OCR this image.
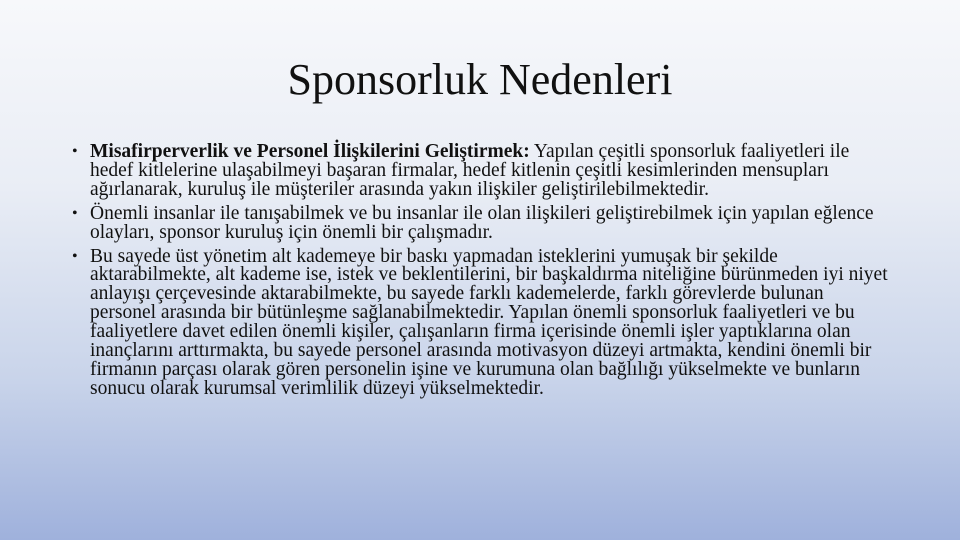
Sponsorluk Nedenleri
• Misafirperverlik ve Personel İlişkilerini Geliştirmek: Yapılan çeşitli sponsorluk faaliyetleri ile hedef kitlelerine ulaşabilmeyi başaran firmalar, hedef kitlenin çeşitli kesimlerinden mensupları ağırlanarak, kuruluş ile müşteriler arasında yakın ilişkiler geliştirilebilmektedir.
• Önemli insanlar ile tanışabilmek ve bu insanlar ile olan ilişkileri geliştirebilmek için yapılan eğlence olayları, sponsor kuruluş için önemli bir çalışmadır.
• Bu sayede üst yönetim alt kademeye bir baskı yapmadan isteklerini yumuşak bir şekilde aktarabilmekte, alt kademe ise, istek ve beklentilerini, bir başkaldırma niteliğine bürünmeden iyi niyet anlayışı çerçevesinde aktarabilmekte, bu sayede farklı kademelerde, farklı görevlerde bulunan personel arasında bir bütünleşme sağlanabilmektedir. Yapılan önemli sponsorluk faaliyetleri ve bu faaliyetlere davet edilen önemli kişiler, çalışanların firma içerisinde önemli işler yaptıklarına olan inançlarını arttırmakta, bu sayede personel arasında motivasyon düzeyi artmakta, kendini önemli bir firmanın parçası olarak gören personelin işine ve kurumuna olan bağlılığı yükselmekte ve bunların sonucu olarak kurumsal verimlilik düzeyi yükselmektedir.
